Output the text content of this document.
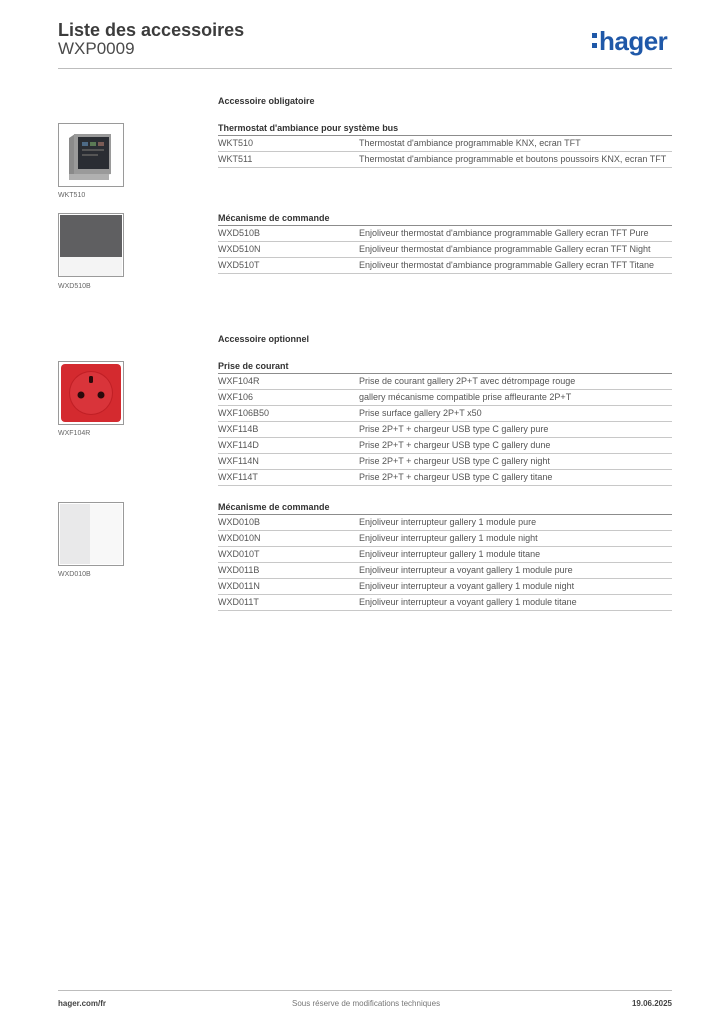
Liste des accessoires
WXP0009	hager
Accessoire obligatoire
WKT510
Thermostat d'ambiance pour système bus
WKT510	Thermostat d'ambiance programmable KNX, ecran TFT
WKT511	Thermostat d'ambiance programmable et boutons poussoirs KNX, ecran TFT
WXD510B
Mécanisme de commande
WXD510B	Enjoliveur thermostat d'ambiance programmable Gallery ecran TFT Pure
WXD510N	Enjoliveur thermostat d'ambiance programmable Gallery ecran TFT Night
WXD510T	Enjoliveur thermostat d'ambiance programmable Gallery ecran TFT Titane
Accessoire optionnel
WXF104R
Prise de courant
WXF104R	Prise de courant gallery 2P+T avec détrompage rouge
WXF106	gallery mécanisme compatible prise affleurante 2P+T
WXF106B50	Prise surface gallery 2P+T x50
WXF114B	Prise 2P+T + chargeur USB type C gallery pure
WXF114D	Prise 2P+T + chargeur USB type C gallery dune
WXF114N	Prise 2P+T + chargeur USB type C gallery night
WXF114T	Prise 2P+T + chargeur USB type C gallery titane
WXD010B
Mécanisme de commande
WXD010B	Enjoliveur interrupteur gallery 1 module pure
WXD010N	Enjoliveur interrupteur gallery 1 module night
WXD010T	Enjoliveur interrupteur gallery 1 module titane
WXD011B	Enjoliveur interrupteur a voyant gallery 1 module pure
WXD011N	Enjoliveur interrupteur a voyant gallery 1 module night
WXD011T	Enjoliveur interrupteur a voyant gallery 1 module titane
hager.com/fr	Sous réserve de modifications techniques	19.06.2025
